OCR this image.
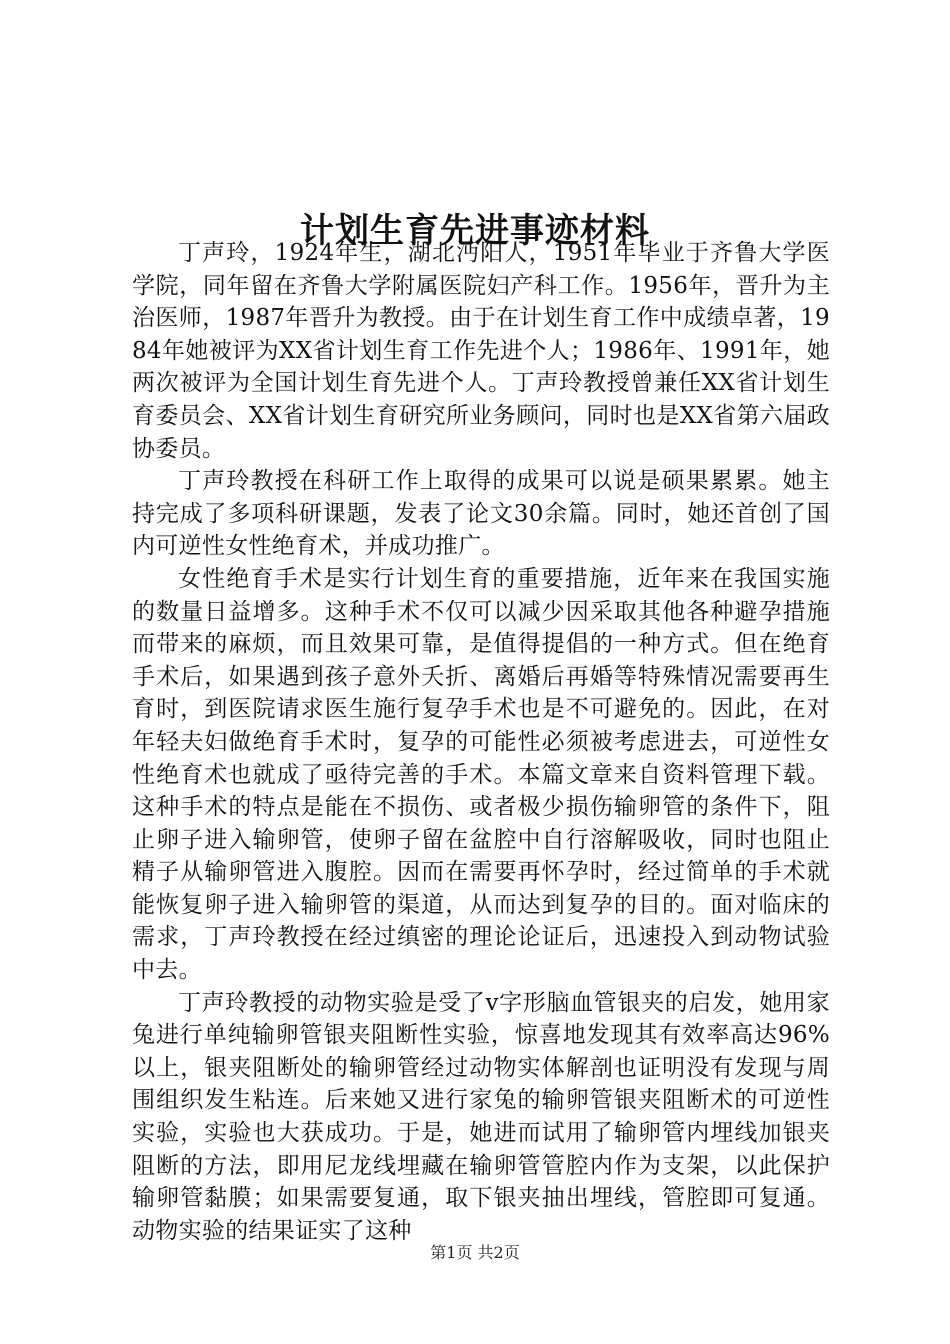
计划生育先进事迹材料

丁声玲，1924年生，湖北沔阳人，1951年毕业于齐鲁大学医学院，同年留在齐鲁大学附属医院妇产科工作。1956年，晋升为主治医师，1987年晋升为教授。由于在计划生育工作中成绩卓著，1984年她被评为XX省计划生育工作先进个人；1986年、1991年，她两次被评为全国计划生育先进个人。丁声玲教授曾兼任XX省计划生育委员会、XX省计划生育研究所业务顾问，同时也是XX省第六届政协委员。

丁声玲教授在科研工作上取得的成果可以说是硕果累累。她主持完成了多项科研课题，发表了论文30余篇。同时，她还首创了国内可逆性女性绝育术，并成功推广。

女性绝育手术是实行计划生育的重要措施，近年来在我国实施的数量日益增多。这种手术不仅可以减少因采取其他各种避孕措施而带来的麻烦，而且效果可靠，是值得提倡的一种方式。但在绝育手术后，如果遇到孩子意外夭折、离婚后再婚等特殊情况需要再生育时，到医院请求医生施行复孕手术也是不可避免的。因此，在对年轻夫妇做绝育手术时，复孕的可能性必须被考虑进去，可逆性女性绝育术也就成了亟待完善的手术。本篇文章来自资料管理下载。这种手术的特点是能在不损伤、或者极少损伤输卵管的条件下，阻止卵子进入输卵管，使卵子留在盆腔中自行溶解吸收，同时也阻止精子从输卵管进入腹腔。因而在需要再怀孕时，经过简单的手术就能恢复卵子进入输卵管的渠道，从而达到复孕的目的。面对临床的需求，丁声玲教授在经过缜密的理论论证后，迅速投入到动物试验中去。

丁声玲教授的动物实验是受了v字形脑血管银夹的启发，她用家兔进行单纯输卵管银夹阻断性实验，惊喜地发现其有效率高达96%以上，银夹阻断处的输卵管经过动物实体解剖也证明没有发现与周围组织发生粘连。后来她又进行家兔的输卵管银夹阻断术的可逆性实验，实验也大获成功。于是，她进而试用了输卵管内埋线加银夹阻断的方法，即用尼龙线埋藏在输卵管管腔内作为支架，以此保护输卵管黏膜；如果需要复通，取下银夹抽出埋线，管腔即可复通。动物实验的结果证实了这种

第1页 共2页
